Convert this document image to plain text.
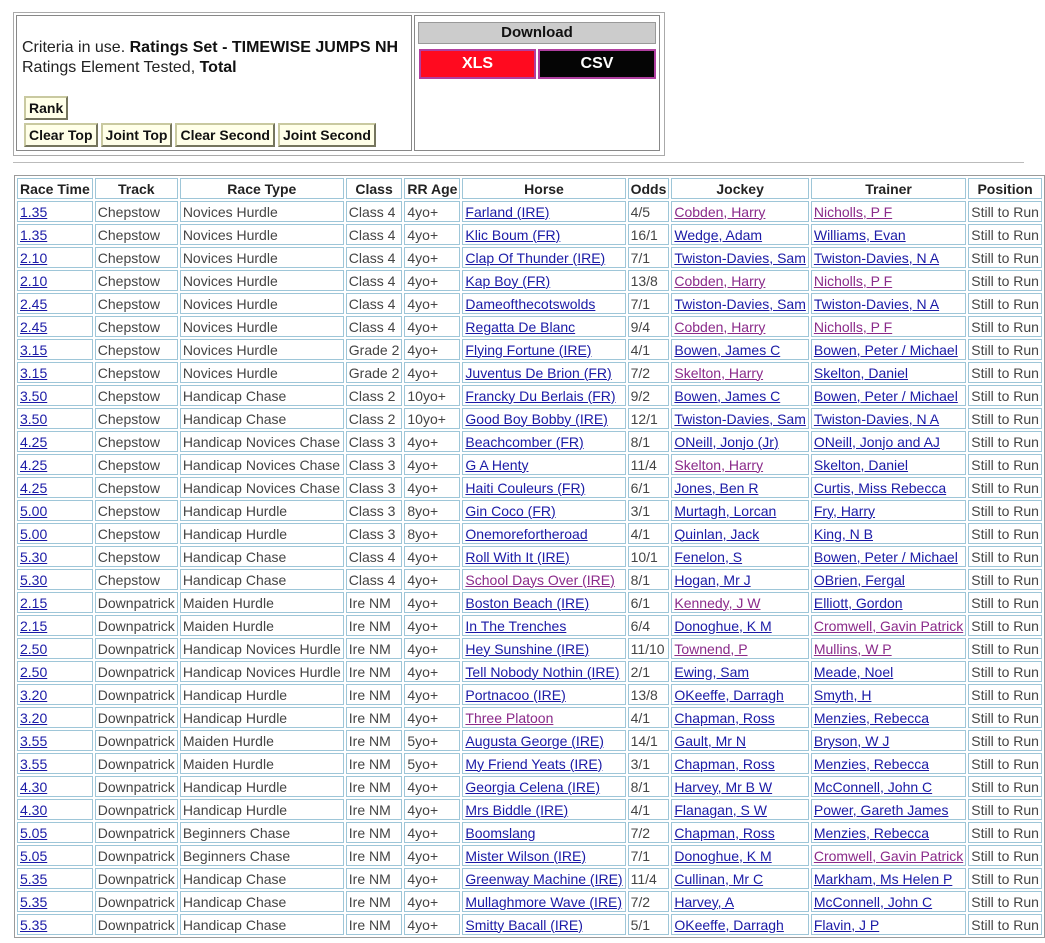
Criteria in use. Ratings Set - TIMEWISE JUMPS NH
Ratings Element Tested, Total
Rank
Clear Top Joint Top Clear Second Joint Second
Download
XLS	CSV
Race Time	Track	Race Type	Class	RR Age	Horse	Odds	Jockey	Trainer	Position
1.35	Chepstow	Novices Hurdle	Class 4	4yo+	Farland (IRE)	4/5	Cobden, Harry	Nicholls, P F	Still to Run
1.35	Chepstow	Novices Hurdle	Class 4	4yo+	Klic Boum (FR)	16/1	Wedge, Adam	Williams, Evan	Still to Run
2.10	Chepstow	Novices Hurdle	Class 4	4yo+	Clap Of Thunder (IRE)	7/1	Twiston-Davies, Sam	Twiston-Davies, N A	Still to Run
2.10	Chepstow	Novices Hurdle	Class 4	4yo+	Kap Boy (FR)	13/8	Cobden, Harry	Nicholls, P F	Still to Run
2.45	Chepstow	Novices Hurdle	Class 4	4yo+	Dameofthecotswolds	7/1	Twiston-Davies, Sam	Twiston-Davies, N A	Still to Run
2.45	Chepstow	Novices Hurdle	Class 4	4yo+	Regatta De Blanc	9/4	Cobden, Harry	Nicholls, P F	Still to Run
3.15	Chepstow	Novices Hurdle	Grade 2	4yo+	Flying Fortune (IRE)	4/1	Bowen, James C	Bowen, Peter / Michael	Still to Run
3.15	Chepstow	Novices Hurdle	Grade 2	4yo+	Juventus De Brion (FR)	7/2	Skelton, Harry	Skelton, Daniel	Still to Run
3.50	Chepstow	Handicap Chase	Class 2	10yo+	Francky Du Berlais (FR)	9/2	Bowen, James C	Bowen, Peter / Michael	Still to Run
3.50	Chepstow	Handicap Chase	Class 2	10yo+	Good Boy Bobby (IRE)	12/1	Twiston-Davies, Sam	Twiston-Davies, N A	Still to Run
4.25	Chepstow	Handicap Novices Chase	Class 3	4yo+	Beachcomber (FR)	8/1	ONeill, Jonjo (Jr)	ONeill, Jonjo and AJ	Still to Run
4.25	Chepstow	Handicap Novices Chase	Class 3	4yo+	G A Henty	11/4	Skelton, Harry	Skelton, Daniel	Still to Run
4.25	Chepstow	Handicap Novices Chase	Class 3	4yo+	Haiti Couleurs (FR)	6/1	Jones, Ben R	Curtis, Miss Rebecca	Still to Run
5.00	Chepstow	Handicap Hurdle	Class 3	8yo+	Gin Coco (FR)	3/1	Murtagh, Lorcan	Fry, Harry	Still to Run
5.00	Chepstow	Handicap Hurdle	Class 3	8yo+	Onemorefortheroad	4/1	Quinlan, Jack	King, N B	Still to Run
5.30	Chepstow	Handicap Chase	Class 4	4yo+	Roll With It (IRE)	10/1	Fenelon, S	Bowen, Peter / Michael	Still to Run
5.30	Chepstow	Handicap Chase	Class 4	4yo+	School Days Over (IRE)	8/1	Hogan, Mr J	OBrien, Fergal	Still to Run
2.15	Downpatrick	Maiden Hurdle	Ire NM	4yo+	Boston Beach (IRE)	6/1	Kennedy, J W	Elliott, Gordon	Still to Run
2.15	Downpatrick	Maiden Hurdle	Ire NM	4yo+	In The Trenches	6/4	Donoghue, K M	Cromwell, Gavin Patrick	Still to Run
2.50	Downpatrick	Handicap Novices Hurdle	Ire NM	4yo+	Hey Sunshine (IRE)	11/10	Townend, P	Mullins, W P	Still to Run
2.50	Downpatrick	Handicap Novices Hurdle	Ire NM	4yo+	Tell Nobody Nothin (IRE)	2/1	Ewing, Sam	Meade, Noel	Still to Run
3.20	Downpatrick	Handicap Hurdle	Ire NM	4yo+	Portnacoo (IRE)	13/8	OKeeffe, Darragh	Smyth, H	Still to Run
3.20	Downpatrick	Handicap Hurdle	Ire NM	4yo+	Three Platoon	4/1	Chapman, Ross	Menzies, Rebecca	Still to Run
3.55	Downpatrick	Maiden Hurdle	Ire NM	5yo+	Augusta George (IRE)	14/1	Gault, Mr N	Bryson, W J	Still to Run
3.55	Downpatrick	Maiden Hurdle	Ire NM	5yo+	My Friend Yeats (IRE)	3/1	Chapman, Ross	Menzies, Rebecca	Still to Run
4.30	Downpatrick	Handicap Hurdle	Ire NM	4yo+	Georgia Celena (IRE)	8/1	Harvey, Mr B W	McConnell, John C	Still to Run
4.30	Downpatrick	Handicap Hurdle	Ire NM	4yo+	Mrs Biddle (IRE)	4/1	Flanagan, S W	Power, Gareth James	Still to Run
5.05	Downpatrick	Beginners Chase	Ire NM	4yo+	Boomslang	7/2	Chapman, Ross	Menzies, Rebecca	Still to Run
5.05	Downpatrick	Beginners Chase	Ire NM	4yo+	Mister Wilson (IRE)	7/1	Donoghue, K M	Cromwell, Gavin Patrick	Still to Run
5.35	Downpatrick	Handicap Chase	Ire NM	4yo+	Greenway Machine (IRE)	11/4	Cullinan, Mr C	Markham, Ms Helen P	Still to Run
5.35	Downpatrick	Handicap Chase	Ire NM	4yo+	Mullaghmore Wave (IRE)	7/2	Harvey, A	McConnell, John C	Still to Run
5.35	Downpatrick	Handicap Chase	Ire NM	4yo+	Smitty Bacall (IRE)	5/1	OKeeffe, Darragh	Flavin, J P	Still to Run
